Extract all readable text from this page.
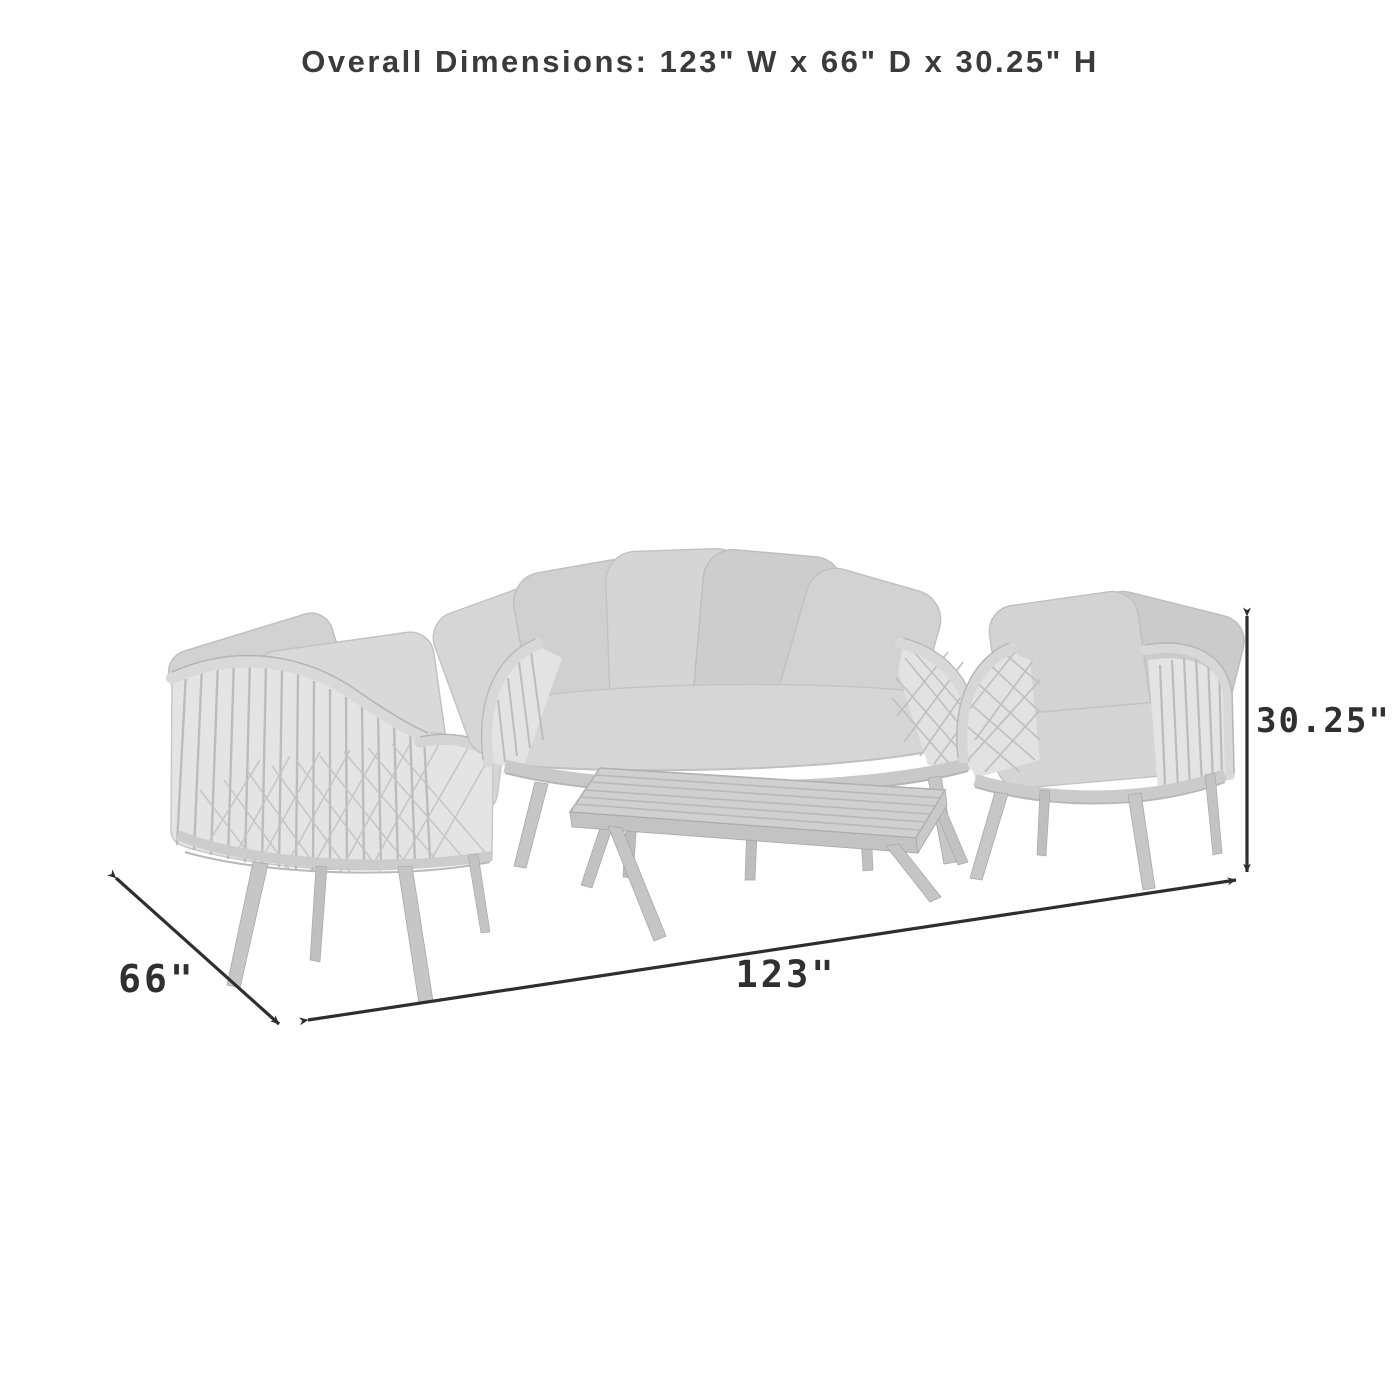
Overall Dimensions: 123" W x 66" D x 30.25" H
123"
66"
30.25"
